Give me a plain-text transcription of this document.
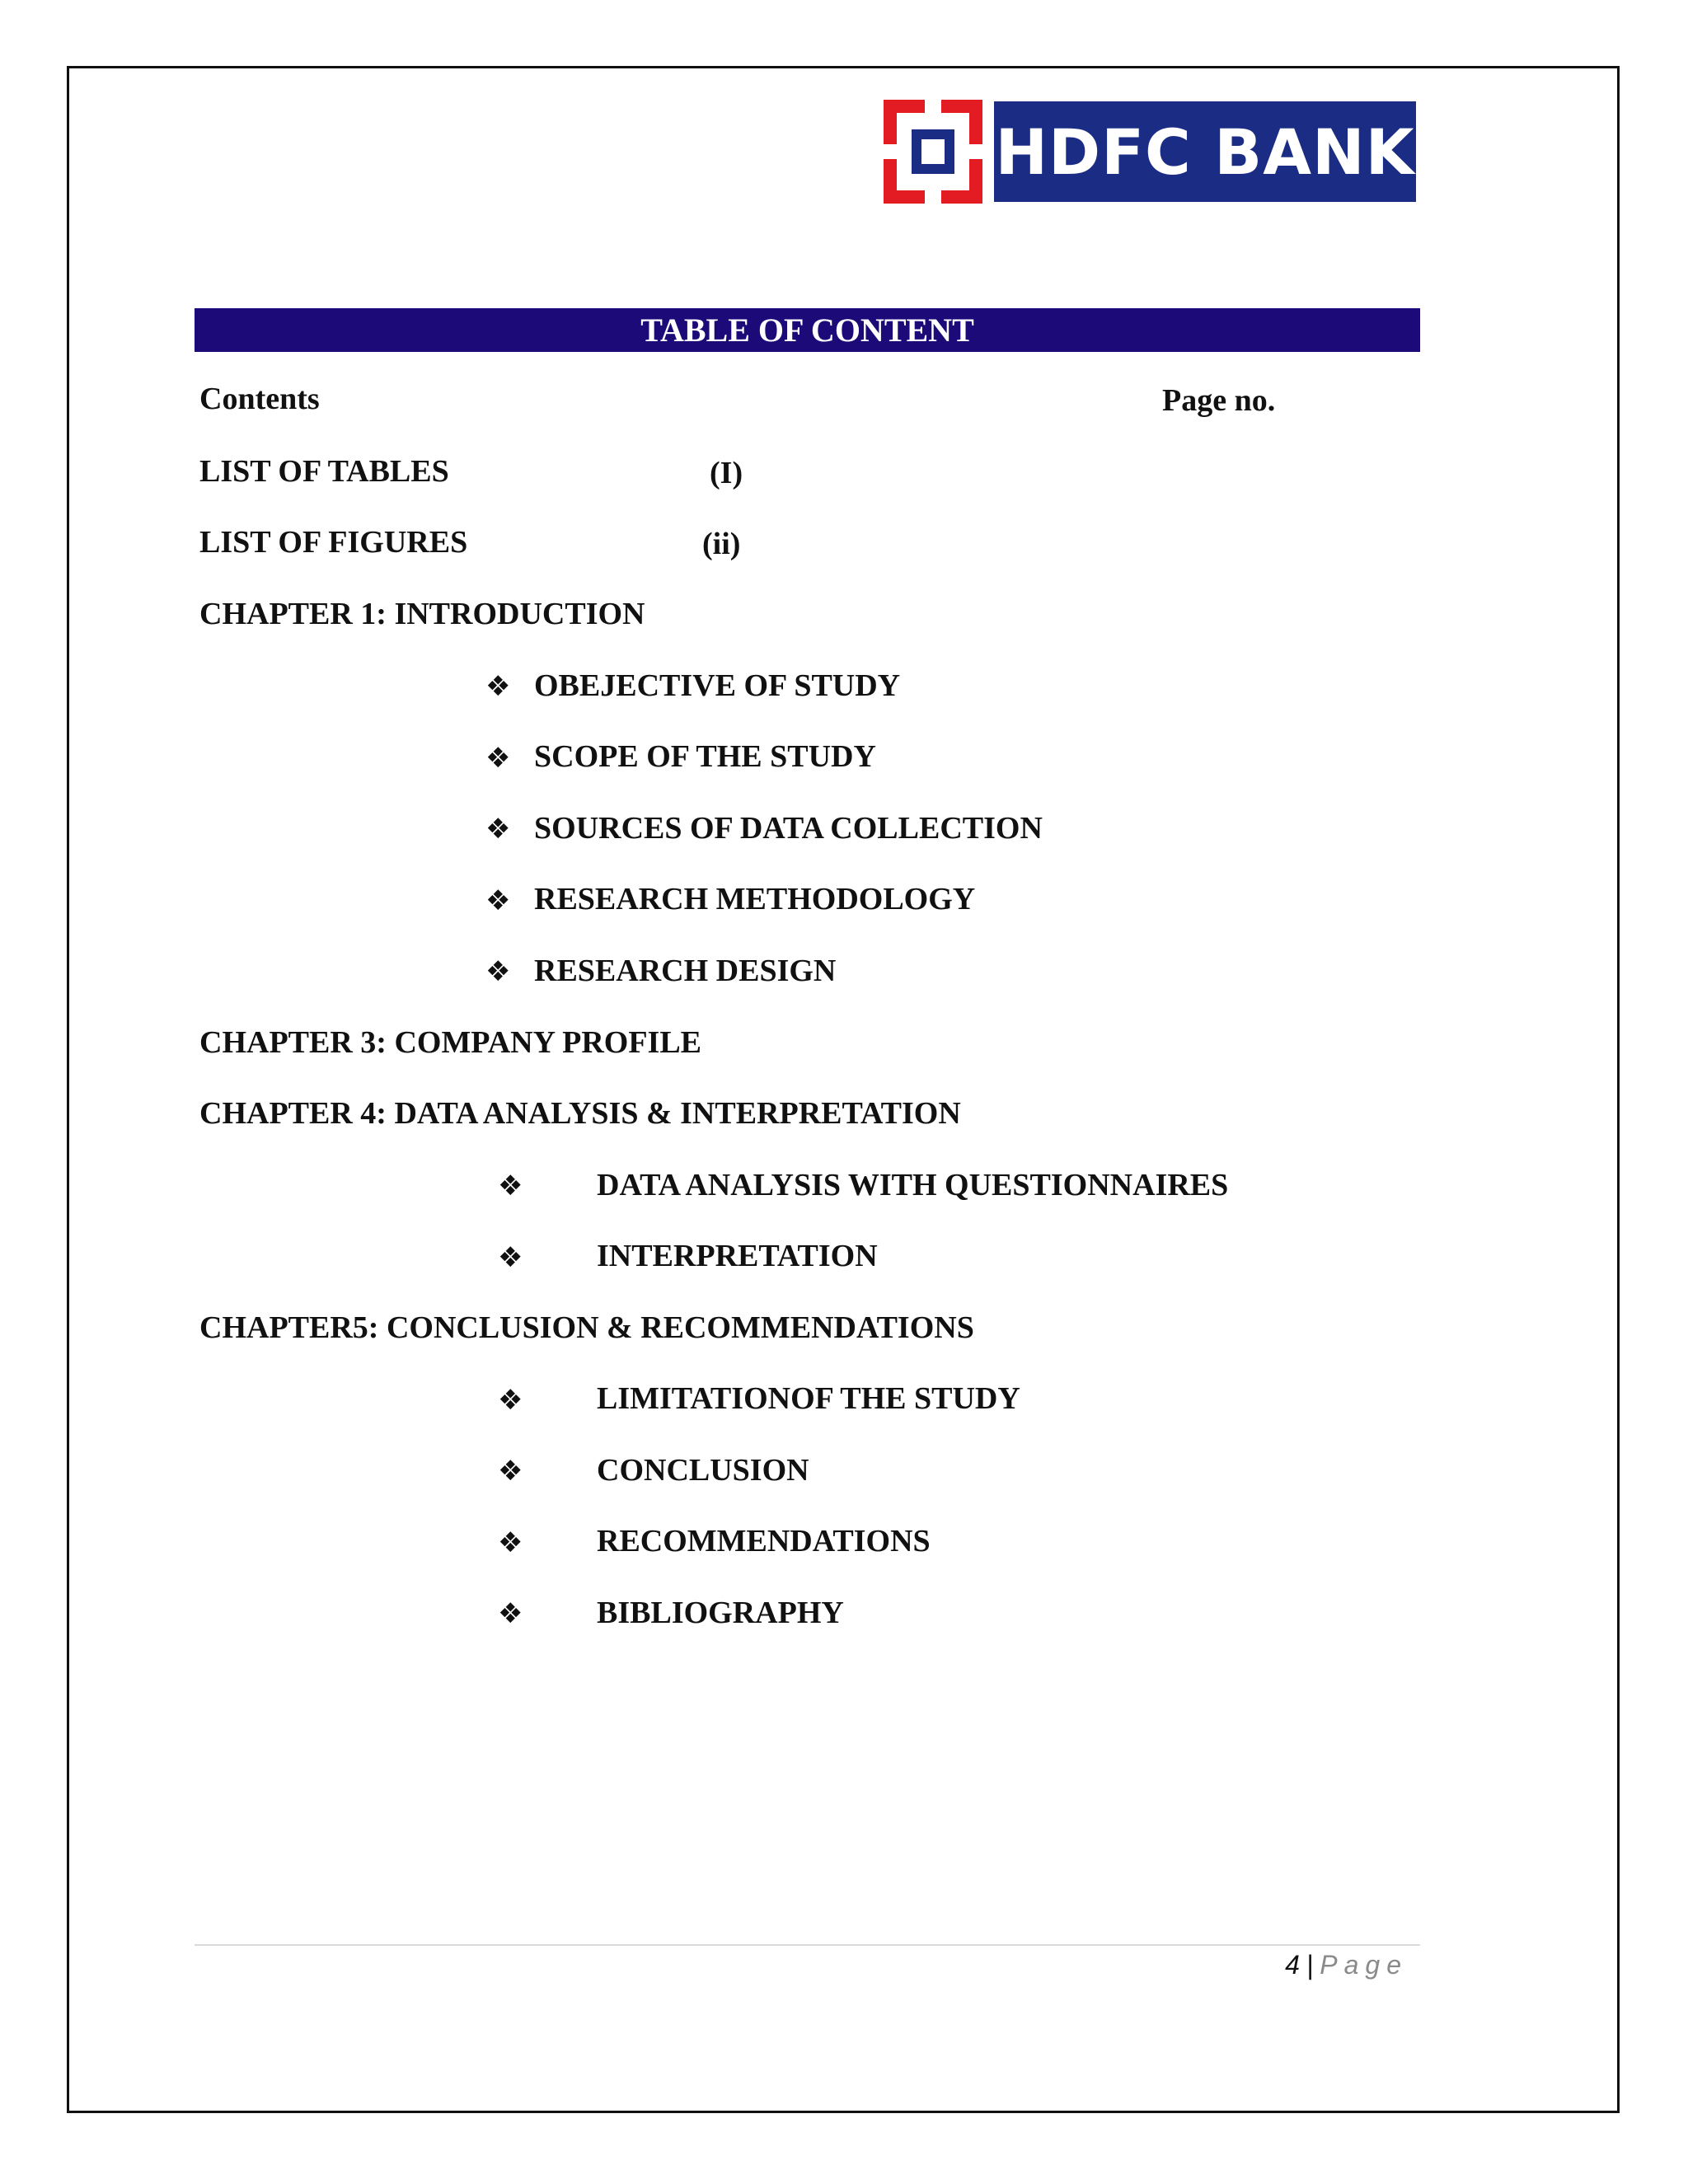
HDFC BANK
TABLE OF CONTENT
Contents	Page no.
LIST OF TABLES	(I)
LIST OF FIGURES	(ii)
CHAPTER 1: INTRODUCTION
❖ OBEJECTIVE OF STUDY
❖ SCOPE OF THE STUDY
❖ SOURCES OF DATA COLLECTION
❖ RESEARCH METHODOLOGY
❖ RESEARCH DESIGN
CHAPTER 3: COMPANY PROFILE
CHAPTER 4: DATA ANALYSIS & INTERPRETATION
❖ DATA ANALYSIS WITH QUESTIONNAIRES
❖ INTERPRETATION
CHAPTER5: CONCLUSION & RECOMMENDATIONS
❖ LIMITATIONOF THE STUDY
❖ CONCLUSION
❖ RECOMMENDATIONS
❖ BIBLIOGRAPHY
4 | Page
